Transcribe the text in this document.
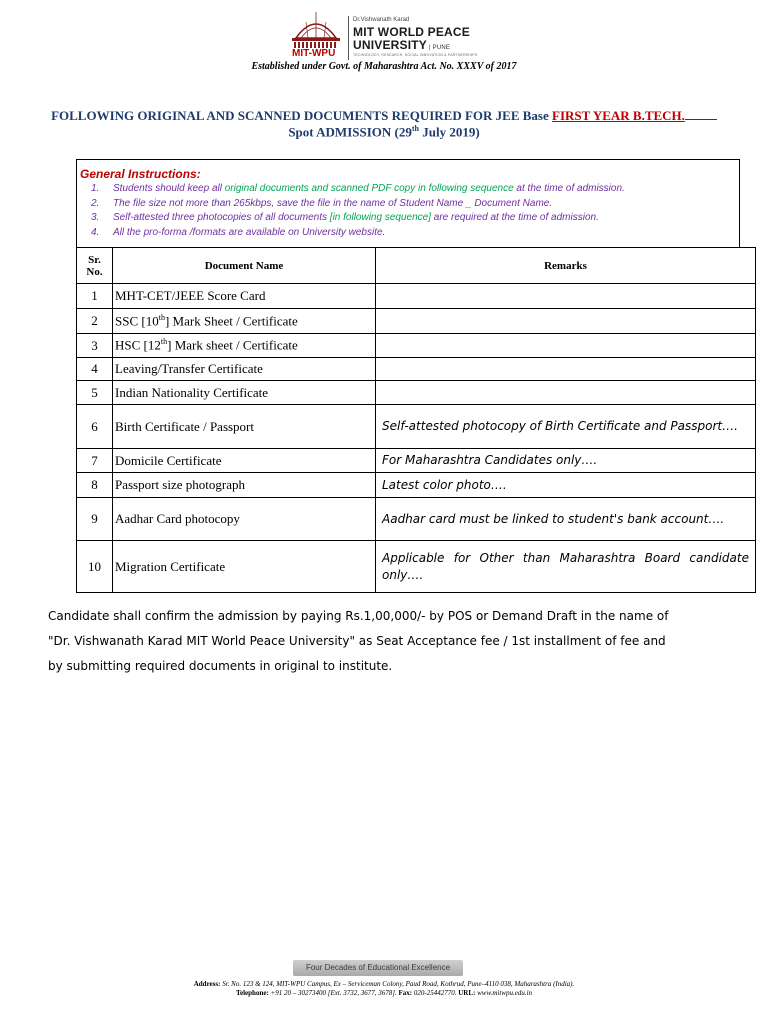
MIT-WPU
Dr.Vishwanath Karad
MIT WORLD PEACE
UNIVERSITY | PUNE
TECHNOLOGY, RESEARCH, SOCIAL INNOVATION & PARTNERSHIPS
Established under Govt. of Maharashtra Act. No. XXXV of 2017
FOLLOWING ORIGINAL AND SCANNED DOCUMENTS REQUIRED FOR JEE Base FIRST YEAR B.TECH.
Spot ADMISSION (29th July 2019)
General Instructions:
1. Students should keep all original documents and scanned PDF copy in following sequence at the time of admission.
2. The file size not more than 265kbps, save the file in the name of Student Name _ Document Name.
3. Self-attested three photocopies of all documents [in following sequence] are required at the time of admission.
4. All the pro-forma /formats are available on University website.
Sr.
No.	Document Name	Remarks
1	MHT-CET/JEEE Score Card	
2	SSC [10th] Mark Sheet / Certificate	
3	HSC [12th] Mark sheet / Certificate	
4	Leaving/Transfer Certificate	
5	Indian Nationality Certificate	
6	Birth Certificate / Passport	Self-attested photocopy of Birth Certificate and Passport….
7	Domicile Certificate	For Maharashtra Candidates only….
8	Passport size photograph	Latest color photo….
9	Aadhar Card photocopy	Aadhar card must be linked to student's bank account….
10	Migration Certificate	Applicable for Other than Maharashtra Board candidate only….
Candidate shall confirm the admission by paying Rs.1,00,000/- by POS or Demand Draft in the name of
"Dr. Vishwanath Karad MIT World Peace University" as Seat Acceptance fee / 1st installment of fee and
by submitting required documents in original to institute.
Four Decades of Educational Excellence
Address: Sr. No. 123 & 124, MIT-WPU Campus, Ex – Serviceman Colony, Paud Road, Kothrud, Pune–4110 038, Maharashtra (India).
Telephone: +91 20 – 30273400 [Ext. 3732, 3677, 3678]. Fax: 020-25442770. URL: www.mitwpu.edu.in
